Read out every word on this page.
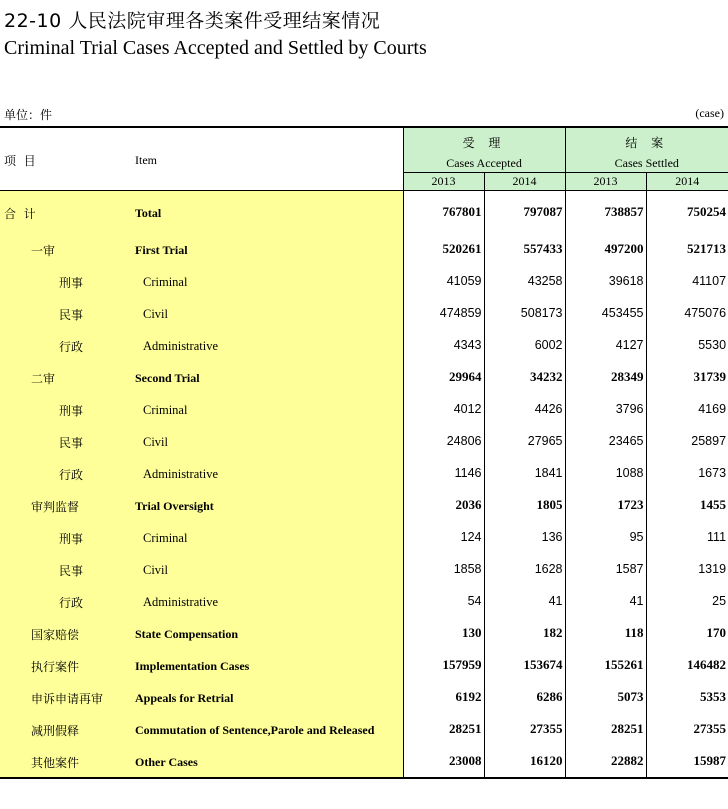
22-10 人民法院审理各类案件受理结案情况
Criminal Trial Cases Accepted and Settled by Courts
单位：件	(case)
项  目 Item	受 理		结 案	
	Cases Accepted		Cases Settled	
	2013	2014	2013	2014

合  计 Total	767801	797087	738857	750254

一审 First Trial	520261	557433	497200	521713

刑事 Criminal	41059	43258	39618	41107

民事 Civil	474859	508173	453455	475076

行政 Administrative	4343	6002	4127	5530

二审 Second Trial	29964	34232	28349	31739

刑事 Criminal	4012	4426	3796	4169

民事 Civil	24806	27965	23465	25897

行政 Administrative	1146	1841	1088	1673

审判监督 Trial Oversight	2036	1805	1723	1455

刑事 Criminal	124	136	95	111

民事 Civil	1858	1628	1587	1319

行政 Administrative	54	41	41	25

国家赔偿 State Compensation	130	182	118	170

执行案件 Implementation Cases	157959	153674	155261	146482

申诉申请再审 Appeals for Retrial	6192	6286	5073	5353

减刑假释 Commutation of Sentence,Parole and Released	28251	27355	28251	27355

其他案件 Other Cases	23008	16120	22882	15987
